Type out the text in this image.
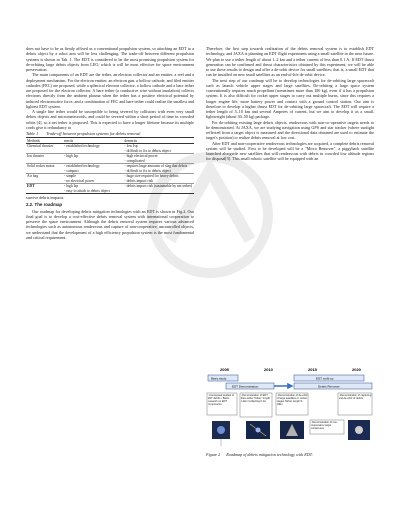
does not have to be as firmly affixed as a conventional propulsion system, so attaching an EDT to a debris object by a robot arm will be less challenging. The trade-off between different propulsion systems is shown in Tab. 1. The EDT is considered to be the most promising propulsion system for de-orbiting large debris objects from LEO, which is will be most effective for space environment preservation.

The main components of an EDT are the tether, an electron collector and an emitter, a reel and a deployment mechanism. For the electron emitter, an electron gun, a hollow cathode, and filed emitter cathodes (FEC) are proposed, while a spherical electron collector, a hollow cathode and a bare tether are proposed for the electron collector. A bare tether (a conductive wire without insulation) collects electrons directly from the ambient plasma when the tether has a positive electrical potential by induced electromotive force, and a combination of FEC and bare tether could realize the smallest and lightest EDT system.

A single line tether would be susceptible to being severed by collisions with even very small debris objects and micrometeoroids, and could be severed within a short period of time in crowded orbits [4], so a net tether is proposed. This is expected to have a longer lifetime because its multiple cords give it redundancy to

Table 1 Trade-off between propulsion systems for debris removal
Methods	merits	demerits
Chemical thruster	- established technology	- low Isp
- difficult to fix to debris object
Ion thruster	- high Isp	- high electrical power
- complicated
Solid rocket motor	- established technology
- compact	- requires large amounts of slag that debris
- difficult to fix to debris object
Air bag	- simple
- no electrical power	- huge size required for heavy debris
- debris impact risk
EDT	- high Isp
- easy to attach to debris object	- debris impact risk (sustainable by net tether)

survive debris impacts.

2.2. The roadmap

Our roadmap for developing debris mitigation technologies with an EDT is shown in Fig.2. Our final goal is to develop a cost-effective debris removal system with international cooperation to preserve the space environment. Although the debris removal system requires various advanced technologies such as autonomous rendezvous and capture of non-cooperative, uncontrolled objects, we understand that the development of a high efficiency propulsion system is the most fundamental and critical requirement.

Therefore, the first step towards realization of the debris removal system is to establish EDT technology, and JAXA is planning an EDT flight experiment using a small satellite in the near future. We plan to use a tether length of about 1–2 km and a tether current of less than 0.1 A. If EDT thrust generation can be confirmed and thrust characteristics obtained by this experiment, we will be able to use these results to design and offer a de-orbit device for small satellites; that is, a small EDT that can be installed on new small satellites as an end-of-life de-orbit device.

The next step of our roadmap will be to develop technologies for de-orbiting large spacecraft such as launch vehicle upper stages and large satellites. De-orbiting a large space system conventionally requires much propellant (sometimes more than 100 kg), even if it has a propulsion system. It is also difficult for rocket upper stages to carry out multiple burns, since this requires a longer engine life, more battery power and contact with a ground control station. Our aim is therefore to develop a higher thrust EDT for de-orbiting large spacecraft. The EDT will require a tether length of 5–10 km and several Amperes of current, but we aim to develop it as a small, lightweight (about 30–50 kg) package.

For de-orbiting existing large debris objects, rendezvous with non-co-operative targets needs to be demonstrated. At JAXA, we are studying navigation using GPS and star tracker (where sunlight reflected from a target object is measured and the directional data obtained are used to estimate the target's position) to realize debris removal at low cost.

After EDT and non-cooperative rendezvous technologies are acquired, a complete debris removal system will be studied. First to be developed will be a "Micro Remover", a piggyback satellite launched alongside new satellites that will rendezvous with debris in crowded low altitude regions for disposal[5]. This small robotic satellite will be equipped with an

2005	2010	2015	2020
Basic study
EDT Demonstration
EDT multi-up
Debris Remover
• Conceptual studies of EDT debris • Basic research on EDT components
• Demonstration of EDT Bare-tether Tether: length 1-2km Collecting 0.1A
• Demonstration of de-orbit of large satellites or rocket stages Tether length 5-10km
• Demonstration of capturing and de-orbit of debris
• Demonstration of non-cooperative target rendezvous
Figure 2 Roadmap of debris mitigation technology with EDT.
